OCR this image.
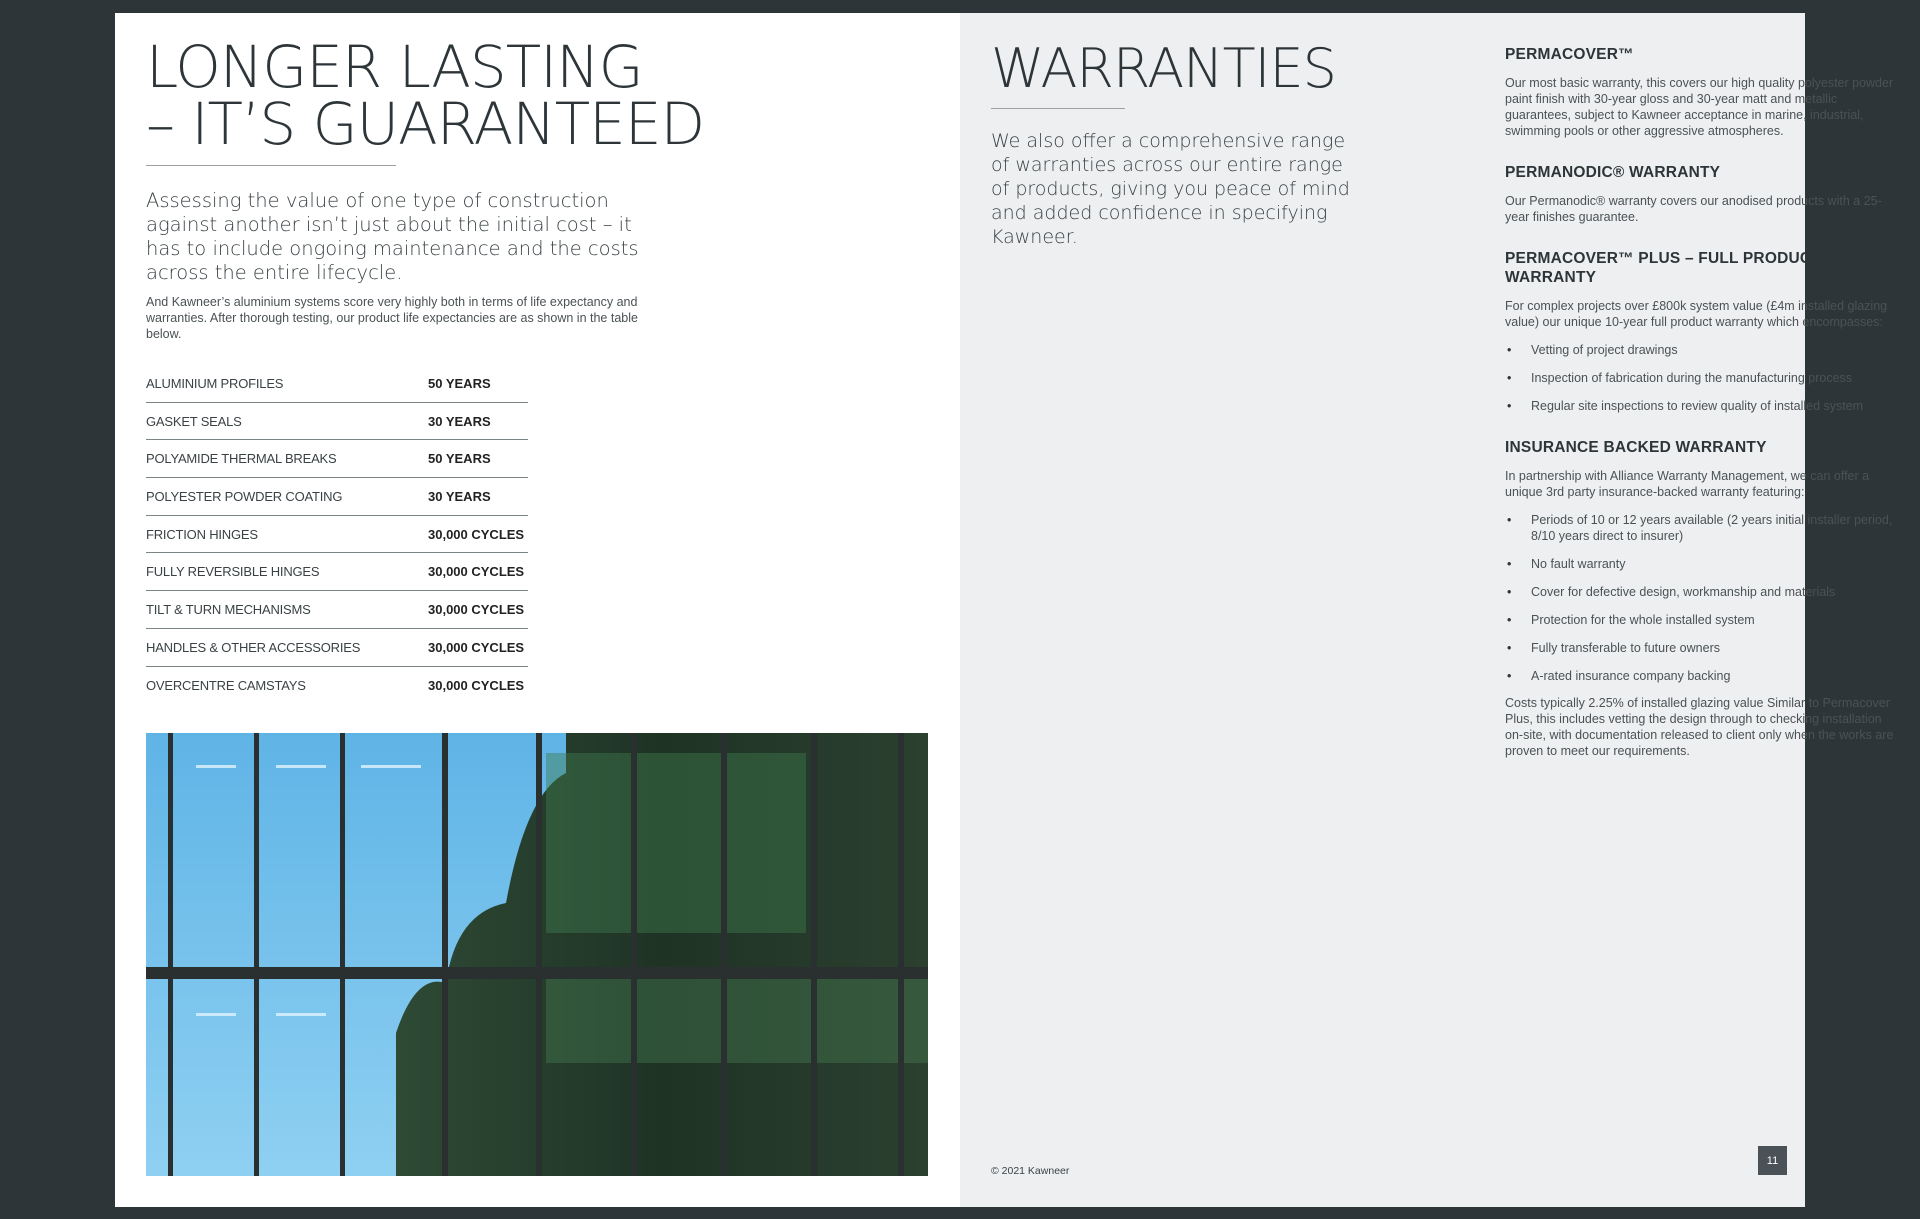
LONGER LASTING
– IT’S GUARANTEED

Assessing the value of one type of construction against another isn’t just about the initial cost – it has to include ongoing maintenance and the costs across the entire lifecycle.

And Kawneer’s aluminium systems score very highly both in terms of life expectancy and warranties. After thorough testing, our product life expectancies are as shown in the table below.

ALUMINIUM PROFILES	50 YEARS
GASKET SEALS	30 YEARS
POLYAMIDE THERMAL BREAKS	50 YEARS
POLYESTER POWDER COATING	30 YEARS
FRICTION HINGES	30,000 CYCLES
FULLY REVERSIBLE HINGES	30,000 CYCLES
TILT & TURN MECHANISMS	30,000 CYCLES
HANDLES & OTHER ACCESSORIES	30,000 CYCLES
OVERCENTRE CAMSTAYS	30,000 CYCLES
WARRANTIES

We also offer a comprehensive range of warranties across our entire range of products, giving you peace of mind and added confidence in specifying Kawneer.

PERMACOVER™

Our most basic warranty, this covers our high quality polyester powder paint finish with 30-year gloss and 30-year matt and metallic guarantees, subject to Kawneer acceptance in marine, industrial, swimming pools or other aggressive atmospheres.

PERMANODIC® WARRANTY

Our Permanodic® warranty covers our anodised products with a 25-year finishes guarantee.

PERMACOVER™ PLUS – FULL PRODUCT WARRANTY

For complex projects over £800k system value (£4m installed glazing value) our unique 10-year full product warranty which encompasses:

• Vetting of project drawings
• Inspection of fabrication during the manufacturing process
• Regular site inspections to review quality of installed system
INSURANCE BACKED WARRANTY

In partnership with Alliance Warranty Management, we can offer a unique 3rd party insurance-backed warranty featuring:

• Periods of 10 or 12 years available (2 years initial installer period, 8/10 years direct to insurer)
• No fault warranty
• Cover for defective design, workmanship and materials
• Protection for the whole installed system
• Fully transferable to future owners
• A-rated insurance company backing

Costs typically 2.25% of installed glazing value Similar to Permacover Plus, this includes vetting the design through to checking installation on-site, with documentation released to client only when the works are proven to meet our requirements.

© 2021 Kawneer
11
